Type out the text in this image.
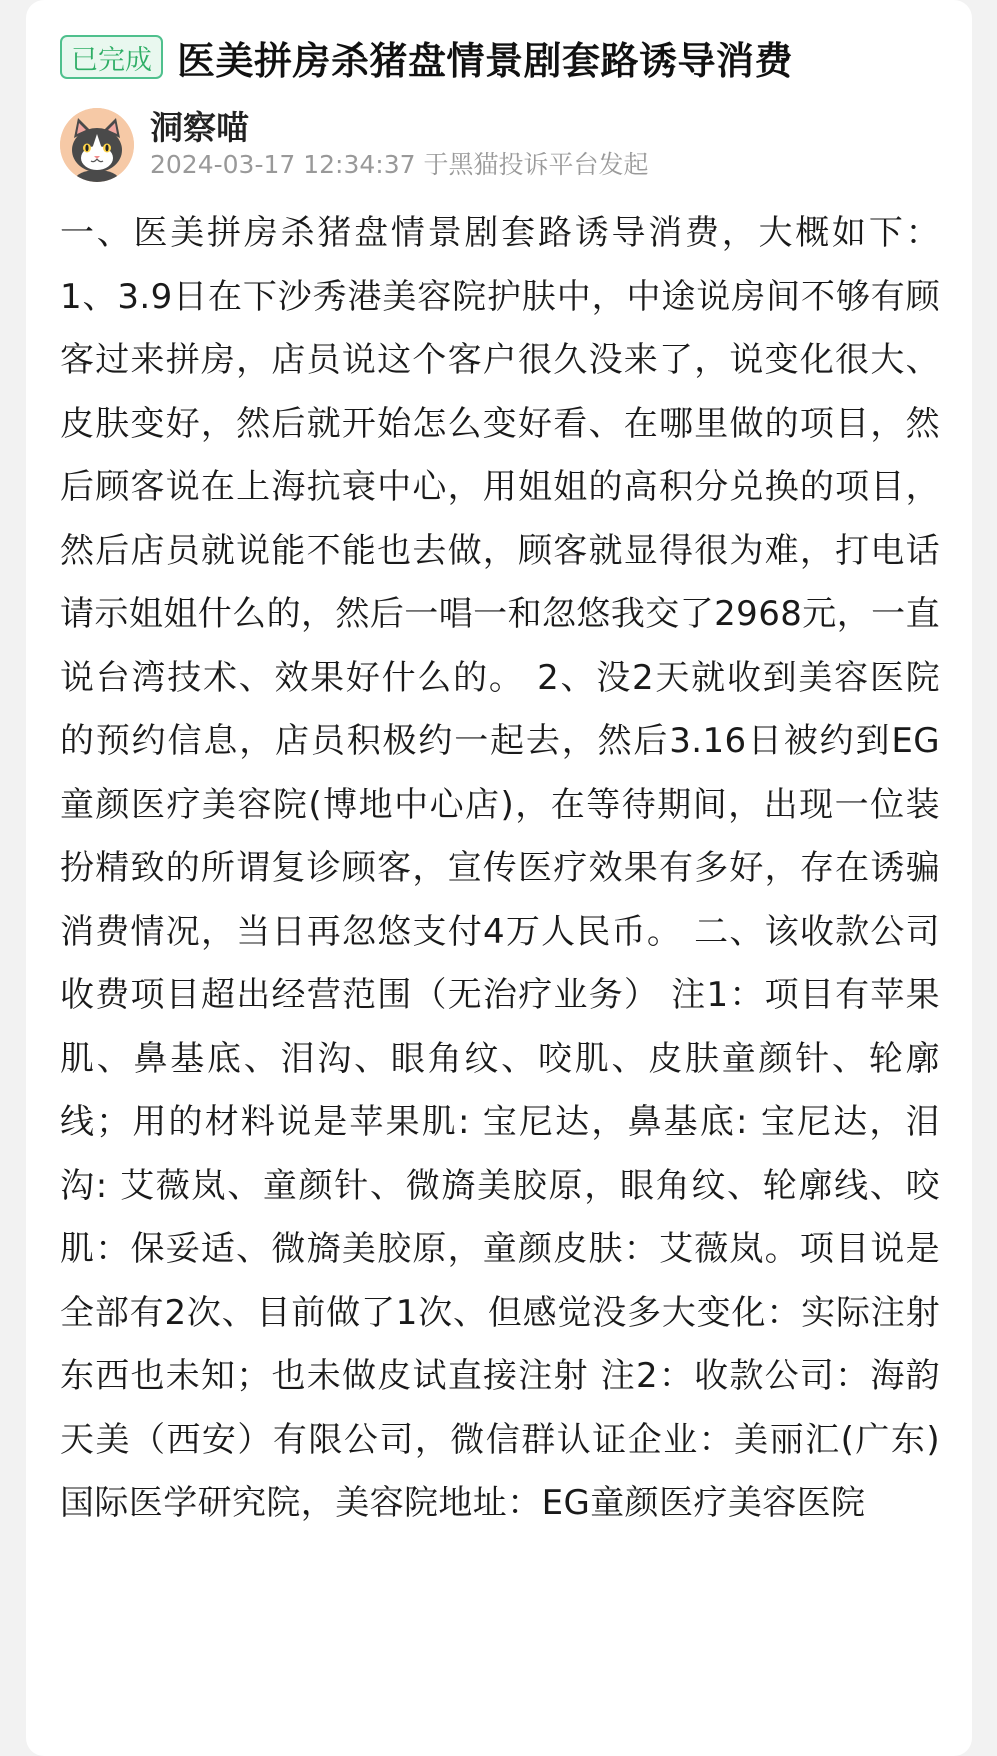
已完成 医美拼房杀猪盘情景剧套路诱导消费
洞察喵
2024-03-17 12:34:37 于黑猫投诉平台发起
一、医美拼房杀猪盘情景剧套路诱导消费，大概如下： 1、3.9日在下沙秀港美容院护肤中，中途说房间不够有顾客过来拼房，店员说这个客户很久没来了，说变化很大、皮肤变好，然后就开始怎么变好看、在哪里做的项目，然后顾客说在上海抗衰中心，用姐姐的高积分兑换的项目，然后店员就说能不能也去做，顾客就显得很为难，打电话请示姐姐什么的，然后一唱一和忽悠我交了2968元，一直说台湾技术、效果好什么的。 2、没2天就收到美容医院的预约信息，店员积极约一起去，然后3.16日被约到EG童颜医疗美容院(博地中心店)，在等待期间，出现一位装扮精致的所谓复诊顾客，宣传医疗效果有多好，存在诱骗消费情况，当日再忽悠支付4万人民币。 二、该收款公司收费项目超出经营范围（无治疗业务） 注1：项目有苹果肌、鼻基底、泪沟、眼角纹、咬肌、皮肤童颜针、轮廓线；用的材料说是苹果肌: 宝尼达，鼻基底: 宝尼达，泪沟: 艾薇岚、童颜针、微旖美胶原，眼角纹、轮廓线、咬肌：保妥适、微旖美胶原，童颜皮肤：艾薇岚。项目说是全部有2次、目前做了1次、但感觉没多大变化：实际注射东西也未知；也未做皮试直接注射 注2：收款公司：海韵天美（西安）有限公司，微信群认证企业：美丽汇(广东)国际医学研究院，美容院地址：EG童颜医疗美容医院
